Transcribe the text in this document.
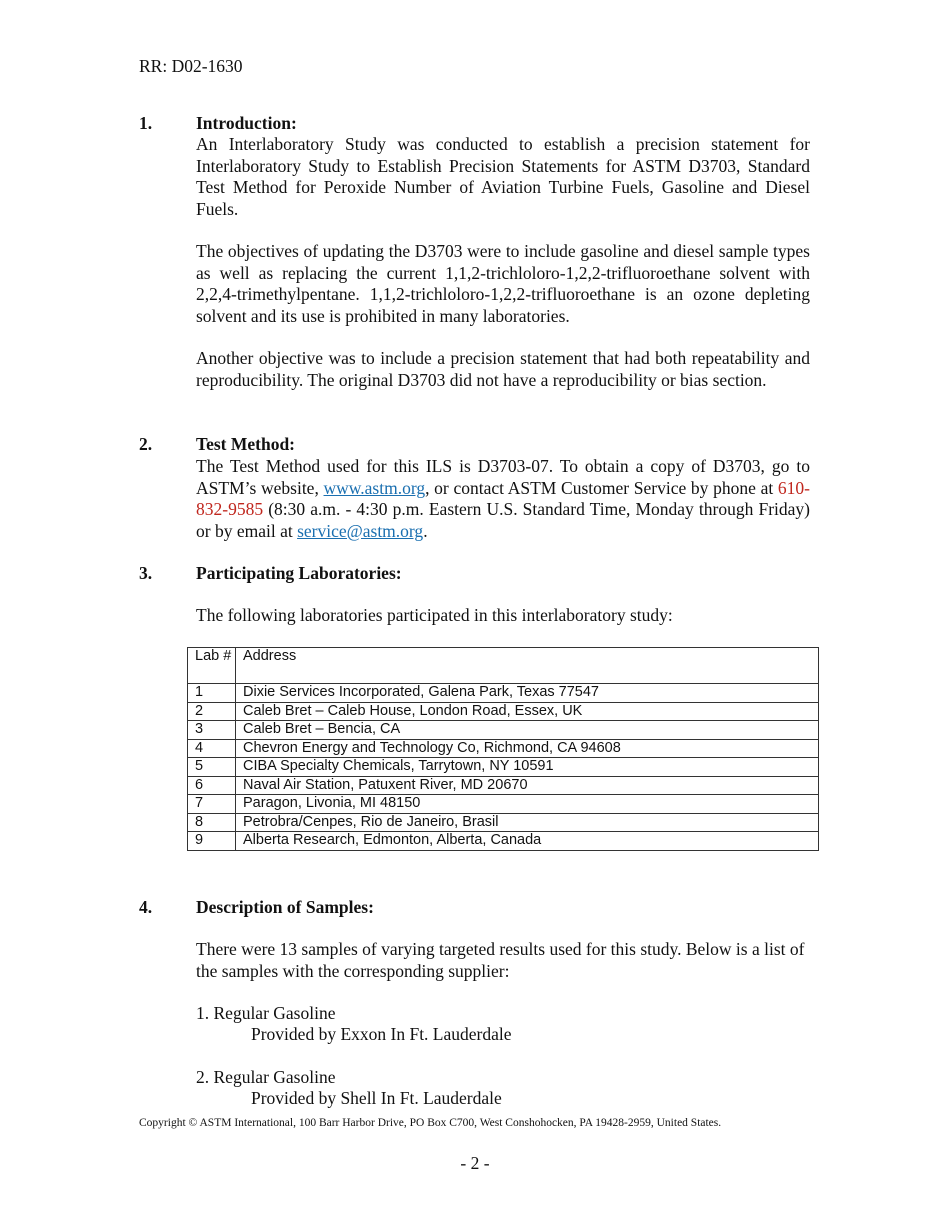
RR: D02-1630
1.	Introduction:

An Interlaboratory Study was conducted to establish a precision statement for Interlaboratory Study to Establish Precision Statements for ASTM D3703, Standard Test Method for Peroxide Number of Aviation Turbine Fuels, Gasoline and Diesel Fuels.

The objectives of updating the D3703 were to include gasoline and diesel sample types as well as replacing the current 1,1,2-trichloloro-1,2,2-trifluoroethane solvent with 2,2,4-trimethylpentane. 1,1,2-trichloloro-1,2,2-trifluoroethane is an ozone depleting solvent and its use is prohibited in many laboratories.

Another objective was to include a precision statement that had both repeatability and reproducibility. The original D3703 did not have a reproducibility or bias section.

2.	Test Method:

The Test Method used for this ILS is D3703-07. To obtain a copy of D3703, go to ASTM’s website, www.astm.org, or contact ASTM Customer Service by phone at 610-832-9585 (8:30 a.m. - 4:30 p.m. Eastern U.S. Standard Time, Monday through Friday) or by email at service@astm.org.

3.	Participating Laboratories:

The following laboratories participated in this interlaboratory study:

Lab #	Address
1	Dixie Services Incorporated, Galena Park, Texas 77547
2	Caleb Bret – Caleb House, London Road, Essex, UK
3	Caleb Bret – Bencia, CA
4	Chevron Energy and Technology Co, Richmond, CA 94608
5	CIBA Specialty Chemicals, Tarrytown, NY 10591
6	Naval Air Station, Patuxent River, MD 20670
7	Paragon, Livonia, MI 48150
8	Petrobra/Cenpes, Rio de Janeiro, Brasil
9	Alberta Research, Edmonton, Alberta, Canada
4.	Description of Samples:

There were 13 samples of varying targeted results used for this study. Below is a list of the samples with the corresponding supplier:

1. Regular Gasoline
Provided by Exxon In Ft. Lauderdale
2. Regular Gasoline
Provided by Shell In Ft. Lauderdale
Copyright © ASTM International, 100 Barr Harbor Drive, PO Box C700, West Conshohocken, PA 19428-2959, United States.
- 2 -
